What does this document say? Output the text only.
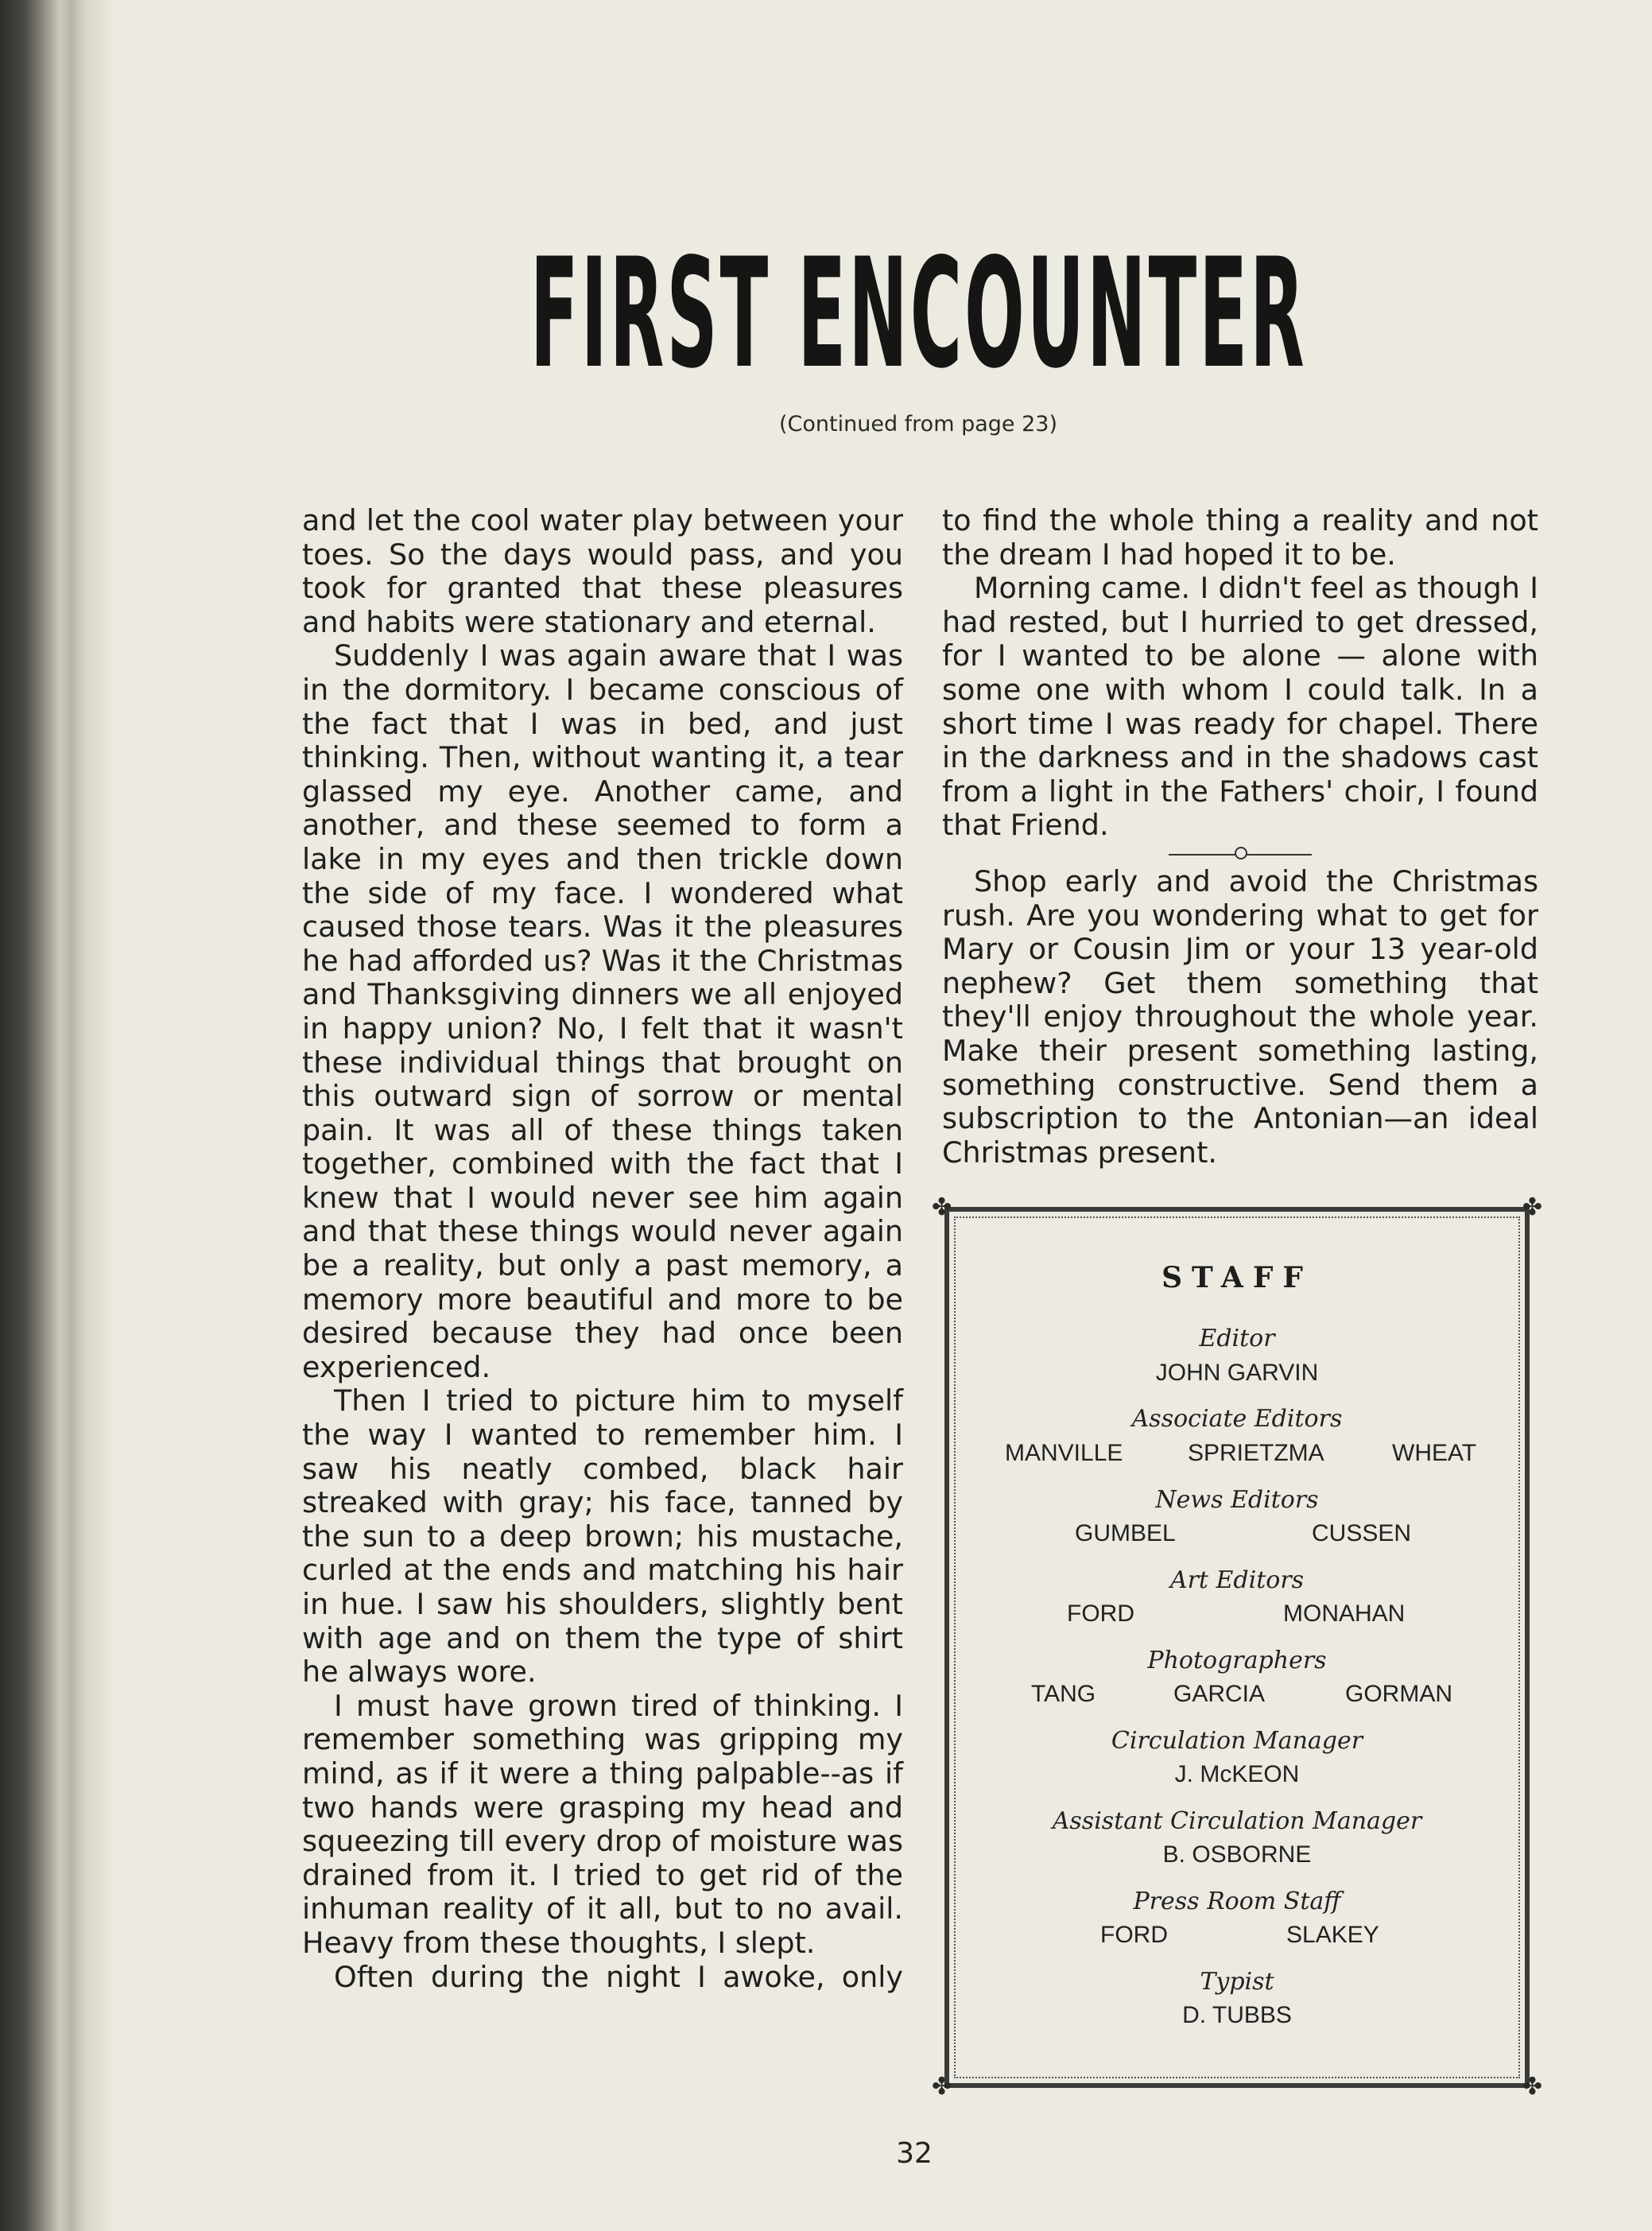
FIRST ENCOUNTER
(Continued from page 23)

and let the cool water play between your toes. So the days would pass, and you took for granted that these pleasures and habits were stationary and eternal.

Suddenly I was again aware that I was in the dormitory. I became conscious of the fact that I was in bed, and just thinking. Then, without wanting it, a tear glassed my eye. Another came, and another, and these seemed to form a lake in my eyes and then trickle down the side of my face. I wondered what caused those tears. Was it the pleasures he had afforded us? Was it the Christmas and Thanksgiving dinners we all enjoyed in happy union? No, I felt that it wasn't these individual things that brought on this outward sign of sorrow or mental pain. It was all of these things taken together, combined with the fact that I knew that I would never see him again and that these things would never again be a reality, but only a past memory, a memory more beautiful and more to be desired because they had once been experienced.

Then I tried to picture him to myself the way I wanted to remember him. I saw his neatly combed, black hair streaked with gray; his face, tanned by the sun to a deep brown; his mustache, curled at the ends and matching his hair in hue. I saw his shoulders, slightly bent with age and on them the type of shirt he always wore.

I must have grown tired of thinking. I remember something was gripping my mind, as if it were a thing palpable--as if two hands were grasping my head and squeezing till every drop of moisture was drained from it. I tried to get rid of the inhuman reality of it all, but to no avail. Heavy from these thoughts, I slept.

Often during the night I awoke, only

to find the whole thing a reality and not the dream I had hoped it to be.

Morning came. I didn't feel as though I had rested, but I hurried to get dressed, for I wanted to be alone — alone with some one with whom I could talk. In a short time I was ready for chapel. There in the darkness and in the shadows cast from a light in the Fathers' choir, I found that Friend.

Shop early and avoid the Christmas rush. Are you wondering what to get for Mary or Cousin Jim or your 13 year-old nephew? Get them something that they'll enjoy throughout the whole year. Make their present something lasting, something constructive. Send them a subscription to the Antonian—an ideal Christmas present.

✤	✤
✤	✤
STAFF
Editor
JOHN GARVIN
Associate Editors
MANVILLE	SPRIETZMA	WHEAT
News Editors
GUMBEL	CUSSEN
Art Editors
FORD	MONAHAN
Photographers
TANG	GARCIA	GORMAN
Circulation Manager
J. McKEON
Assistant Circulation Manager
B. OSBORNE
Press Room Staff
FORD	SLAKEY
Typist
D. TUBBS
32
